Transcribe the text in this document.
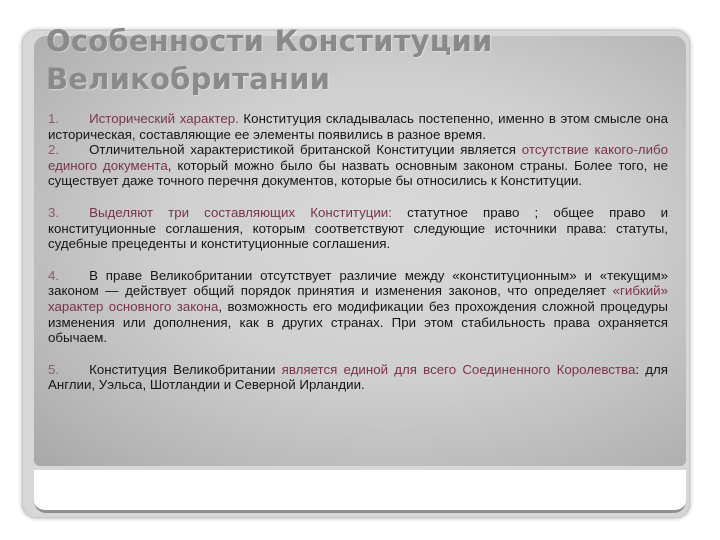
Особенности Конституции
Великобритании

1. Исторический характер. Конституция складывалась постепенно, именно в этом смысле она историческая, составляющие ее элементы появились в разное время.

2. Отличительной характеристикой британской Конституции является отсутствие какого-либо единого документа, который можно было бы назвать основным законом страны. Более того, не существует даже точного перечня документов, которые бы относились к Конституции.

3. Выделяют три составляющих Конституции: статутное право ; общее право и конституционные соглашения, которым соответствуют следующие источники права: статуты, судебные прецеденты и конституционные соглашения.

4. В праве Великобритании отсутствует различие между «конституционным» и «текущим» законом — действует общий порядок принятия и изменения законов, что определяет «гибкий» характер основного закона, возможность его модификации без прохождения сложной процедуры изменения или дополнения, как в других странах. При этом стабильность права охраняется обычаем.

5. Конституция Великобритании является единой для всего Соединенного Королевства: для Англии, Уэльса, Шотландии и Северной Ирландии.
